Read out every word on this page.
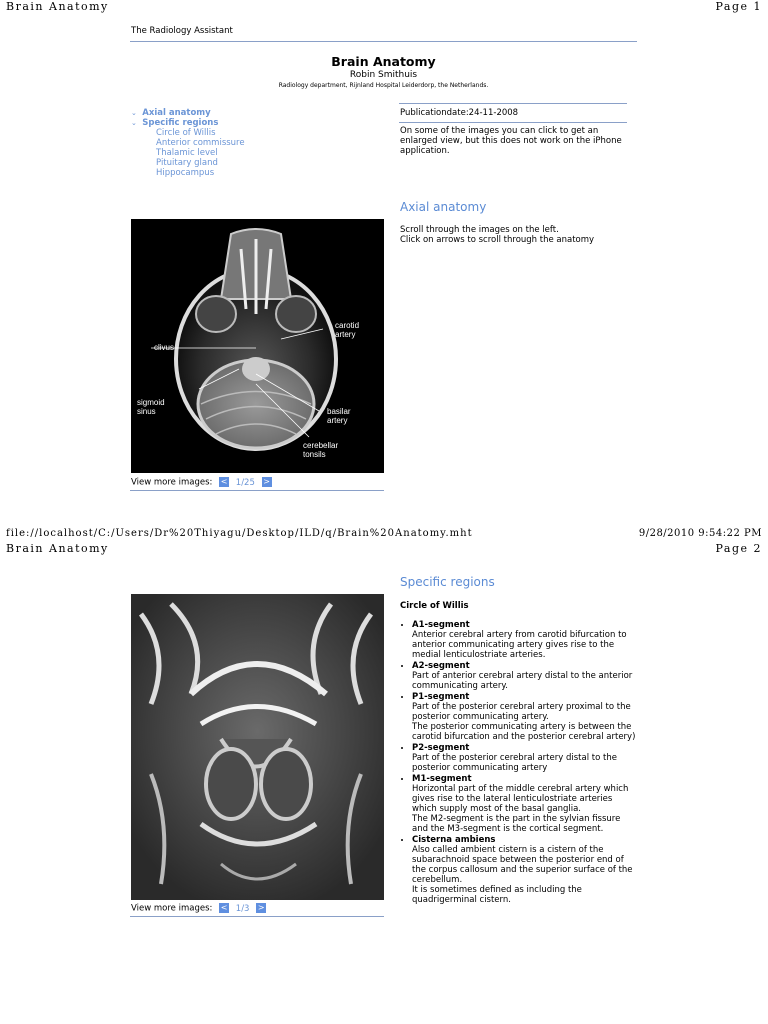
Brain Anatomy	Page 1
The Radiology Assistant
Brain Anatomy
Robin Smithuis
Radiology department, Rijnland Hospital Leiderdorp, the Netherlands.
⌄ Axial anatomy
⌄ Specific regions
Circle of Willis
Anterior commissure
Thalamic level
Pituitary gland
Hippocampus
Publicationdate:24-11-2008
On some of the images you can click to get an enlarged view, but this does not work on the iPhone application.
Axial anatomy
Scroll through the images on the left.
Click on arrows to scroll through the anatomy
clivus
carotid
artery
sigmoid
sinus	basilar
artery
cerebellar
tonsils
View more images: < 1/25 >
file://localhost/C:/Users/Dr%20Thiyagu/Desktop/ILD/q/Brain%20Anatomy.mht	9/28/2010 9:54:22 PM
Brain Anatomy	Page 2
View more images: < 1/3 >
Specific regions
Circle of Willis
• A1-segment
Anterior cerebral artery from carotid bifurcation to anterior communicating artery gives rise to the medial lenticulostriate arteries.
• A2-segment
Part of anterior cerebral artery distal to the anterior communicating artery.
• P1-segment
Part of the posterior cerebral artery proximal to the posterior communicating artery.
The posterior communicating artery is between the carotid bifurcation and the posterior cerebral artery)
• P2-segment
Part of the posterior cerebral artery distal to the posterior communicating artery
• M1-segment
Horizontal part of the middle cerebral artery which gives rise to the lateral lenticulostriate arteries which supply most of the basal ganglia.
The M2-segment is the part in the sylvian fissure and the M3-segment is the cortical segment.
• Cisterna ambiens
Also called ambient cistern is a cistern of the subarachnoid space between the posterior end of the corpus callosum and the superior surface of the cerebellum.
It is sometimes defined as including the quadrigerminal cistern.
